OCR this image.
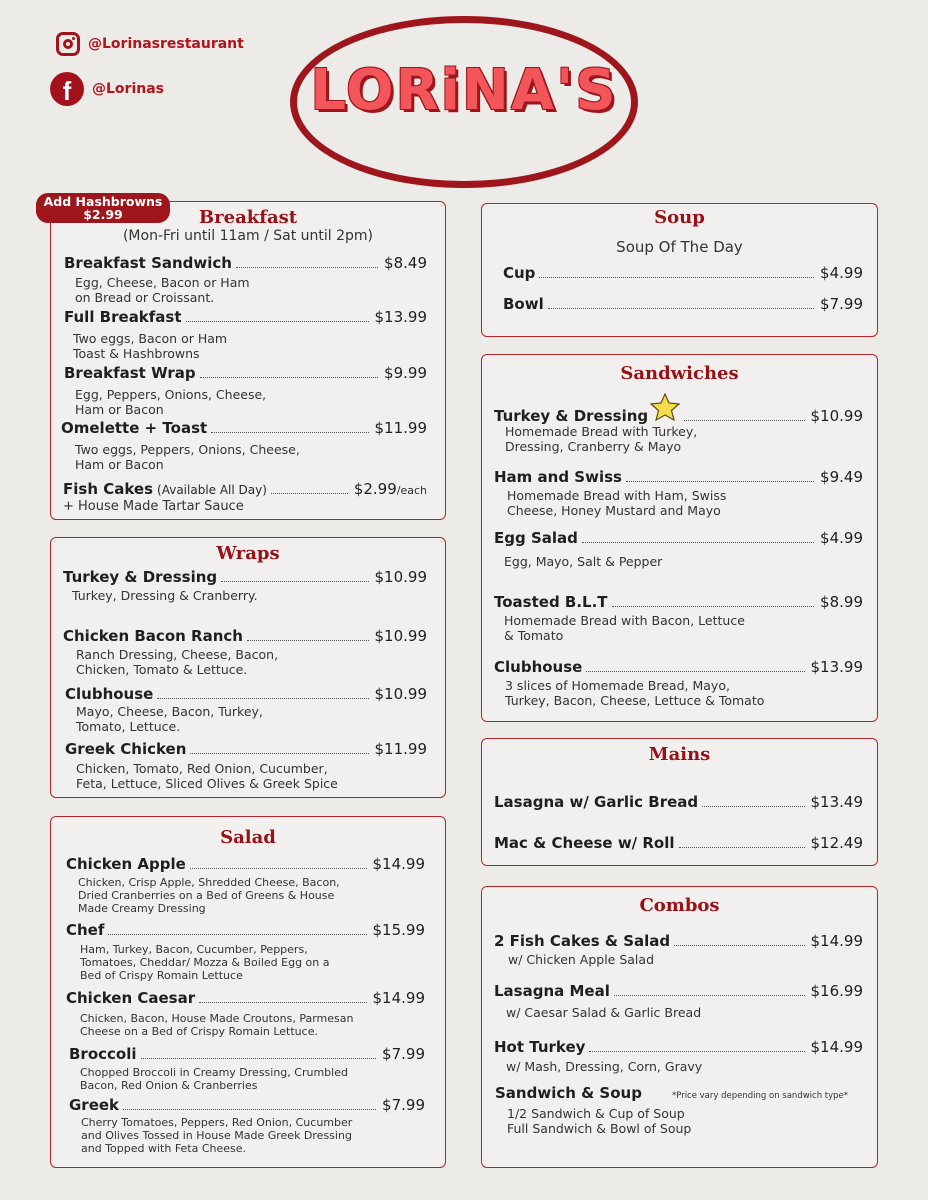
@Lorinasrestaurant
f	@Lorinas	LORiNA'S
Breakfast
(Mon-Fri until 11am / Sat until 2pm)
Breakfast Sandwich	$8.49
Egg, Cheese, Bacon or Ham
on Bread or Croissant.
Full Breakfast	$13.99
Two eggs, Bacon or Ham
Toast & Hashbrowns
Breakfast Wrap	$9.99
Egg, Peppers, Onions, Cheese,
Ham or Bacon
Omelette + Toast	$11.99
Two eggs, Peppers, Onions, Cheese,
Ham or Bacon
Fish Cakes (Available All Day)	$2.99 /each
+ House Made Tartar Sauce
Add Hashbrowns
$2.99
Wraps
Turkey & Dressing	$10.99
Turkey, Dressing & Cranberry.
Chicken Bacon Ranch	$10.99
Ranch Dressing, Cheese, Bacon,
Chicken, Tomato & Lettuce.
Clubhouse	$10.99
Mayo, Cheese, Bacon, Turkey,
Tomato, Lettuce.
Greek Chicken	$11.99
Chicken, Tomato, Red Onion, Cucumber,
Feta, Lettuce, Sliced Olives & Greek Spice
Salad
Chicken Apple	$14.99
Chicken, Crisp Apple, Shredded Cheese, Bacon,
Dried Cranberries on a Bed of Greens & House
Made Creamy Dressing
Chef	$15.99
Ham, Turkey, Bacon, Cucumber, Peppers,
Tomatoes, Cheddar/ Mozza & Boiled Egg on a
Bed of Crispy Romain Lettuce
Chicken Caesar	$14.99
Chicken, Bacon, House Made Croutons, Parmesan
Cheese on a Bed of Crispy Romain Lettuce.
Broccoli	$7.99
Chopped Broccoli in Creamy Dressing, Crumbled
Bacon, Red Onion & Cranberries
Greek	$7.99
Cherry Tomatoes, Peppers, Red Onion, Cucumber
and Olives Tossed in House Made Greek Dressing
and Topped with Feta Cheese.
Soup
Soup Of The Day
Cup	$4.99
Bowl	$7.99
Sandwiches
Turkey & Dressing	$10.99
Homemade Bread with Turkey,
Dressing, Cranberry & Mayo
Ham and Swiss	$9.49
Homemade Bread with Ham, Swiss
Cheese, Honey Mustard and Mayo
Egg Salad	$4.99
Egg, Mayo, Salt & Pepper
Toasted B.L.T	$8.99
Homemade Bread with Bacon, Lettuce
& Tomato
Clubhouse	$13.99
3 slices of Homemade Bread, Mayo,
Turkey, Bacon, Cheese, Lettuce & Tomato
Mains
Lasagna w/ Garlic Bread	$13.49
Mac & Cheese w/ Roll	$12.49
Combos
2 Fish Cakes & Salad	$14.99
w/ Chicken Apple Salad
Lasagna Meal	$16.99
w/ Caesar Salad & Garlic Bread
Hot Turkey	$14.99
w/ Mash, Dressing, Corn, Gravy
Sandwich & Soup	*Price vary depending on sandwich type*
1/2 Sandwich & Cup of Soup
Full Sandwich & Bowl of Soup
